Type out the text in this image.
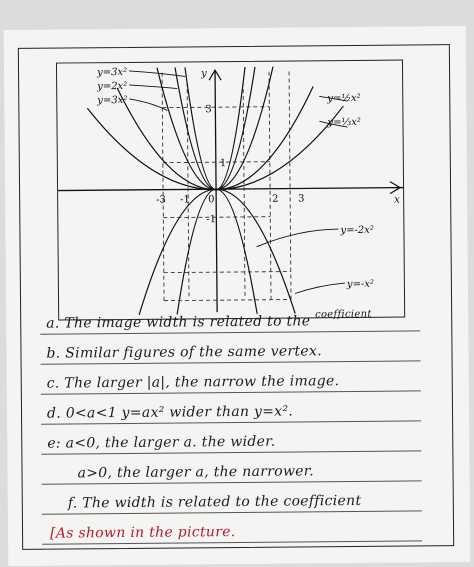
y=3x²
y=2x²
y=3x²	y=½x²
y=⅓x²
y=-2x²
y=-x²
x
y
0
-3 -1	2 3
1
3
-1
a. The image width is related to the $^{coefficient}$
b. Similar figures of the same vertex.
c. The larger |a|, the narrow the image.
d. 0<a<1 y=ax² wider than y=x².
e: a<0, the larger a. the wider.
a>0, the larger a, the narrower.
f. The width is related to the coefficient
[As shown in the picture.
